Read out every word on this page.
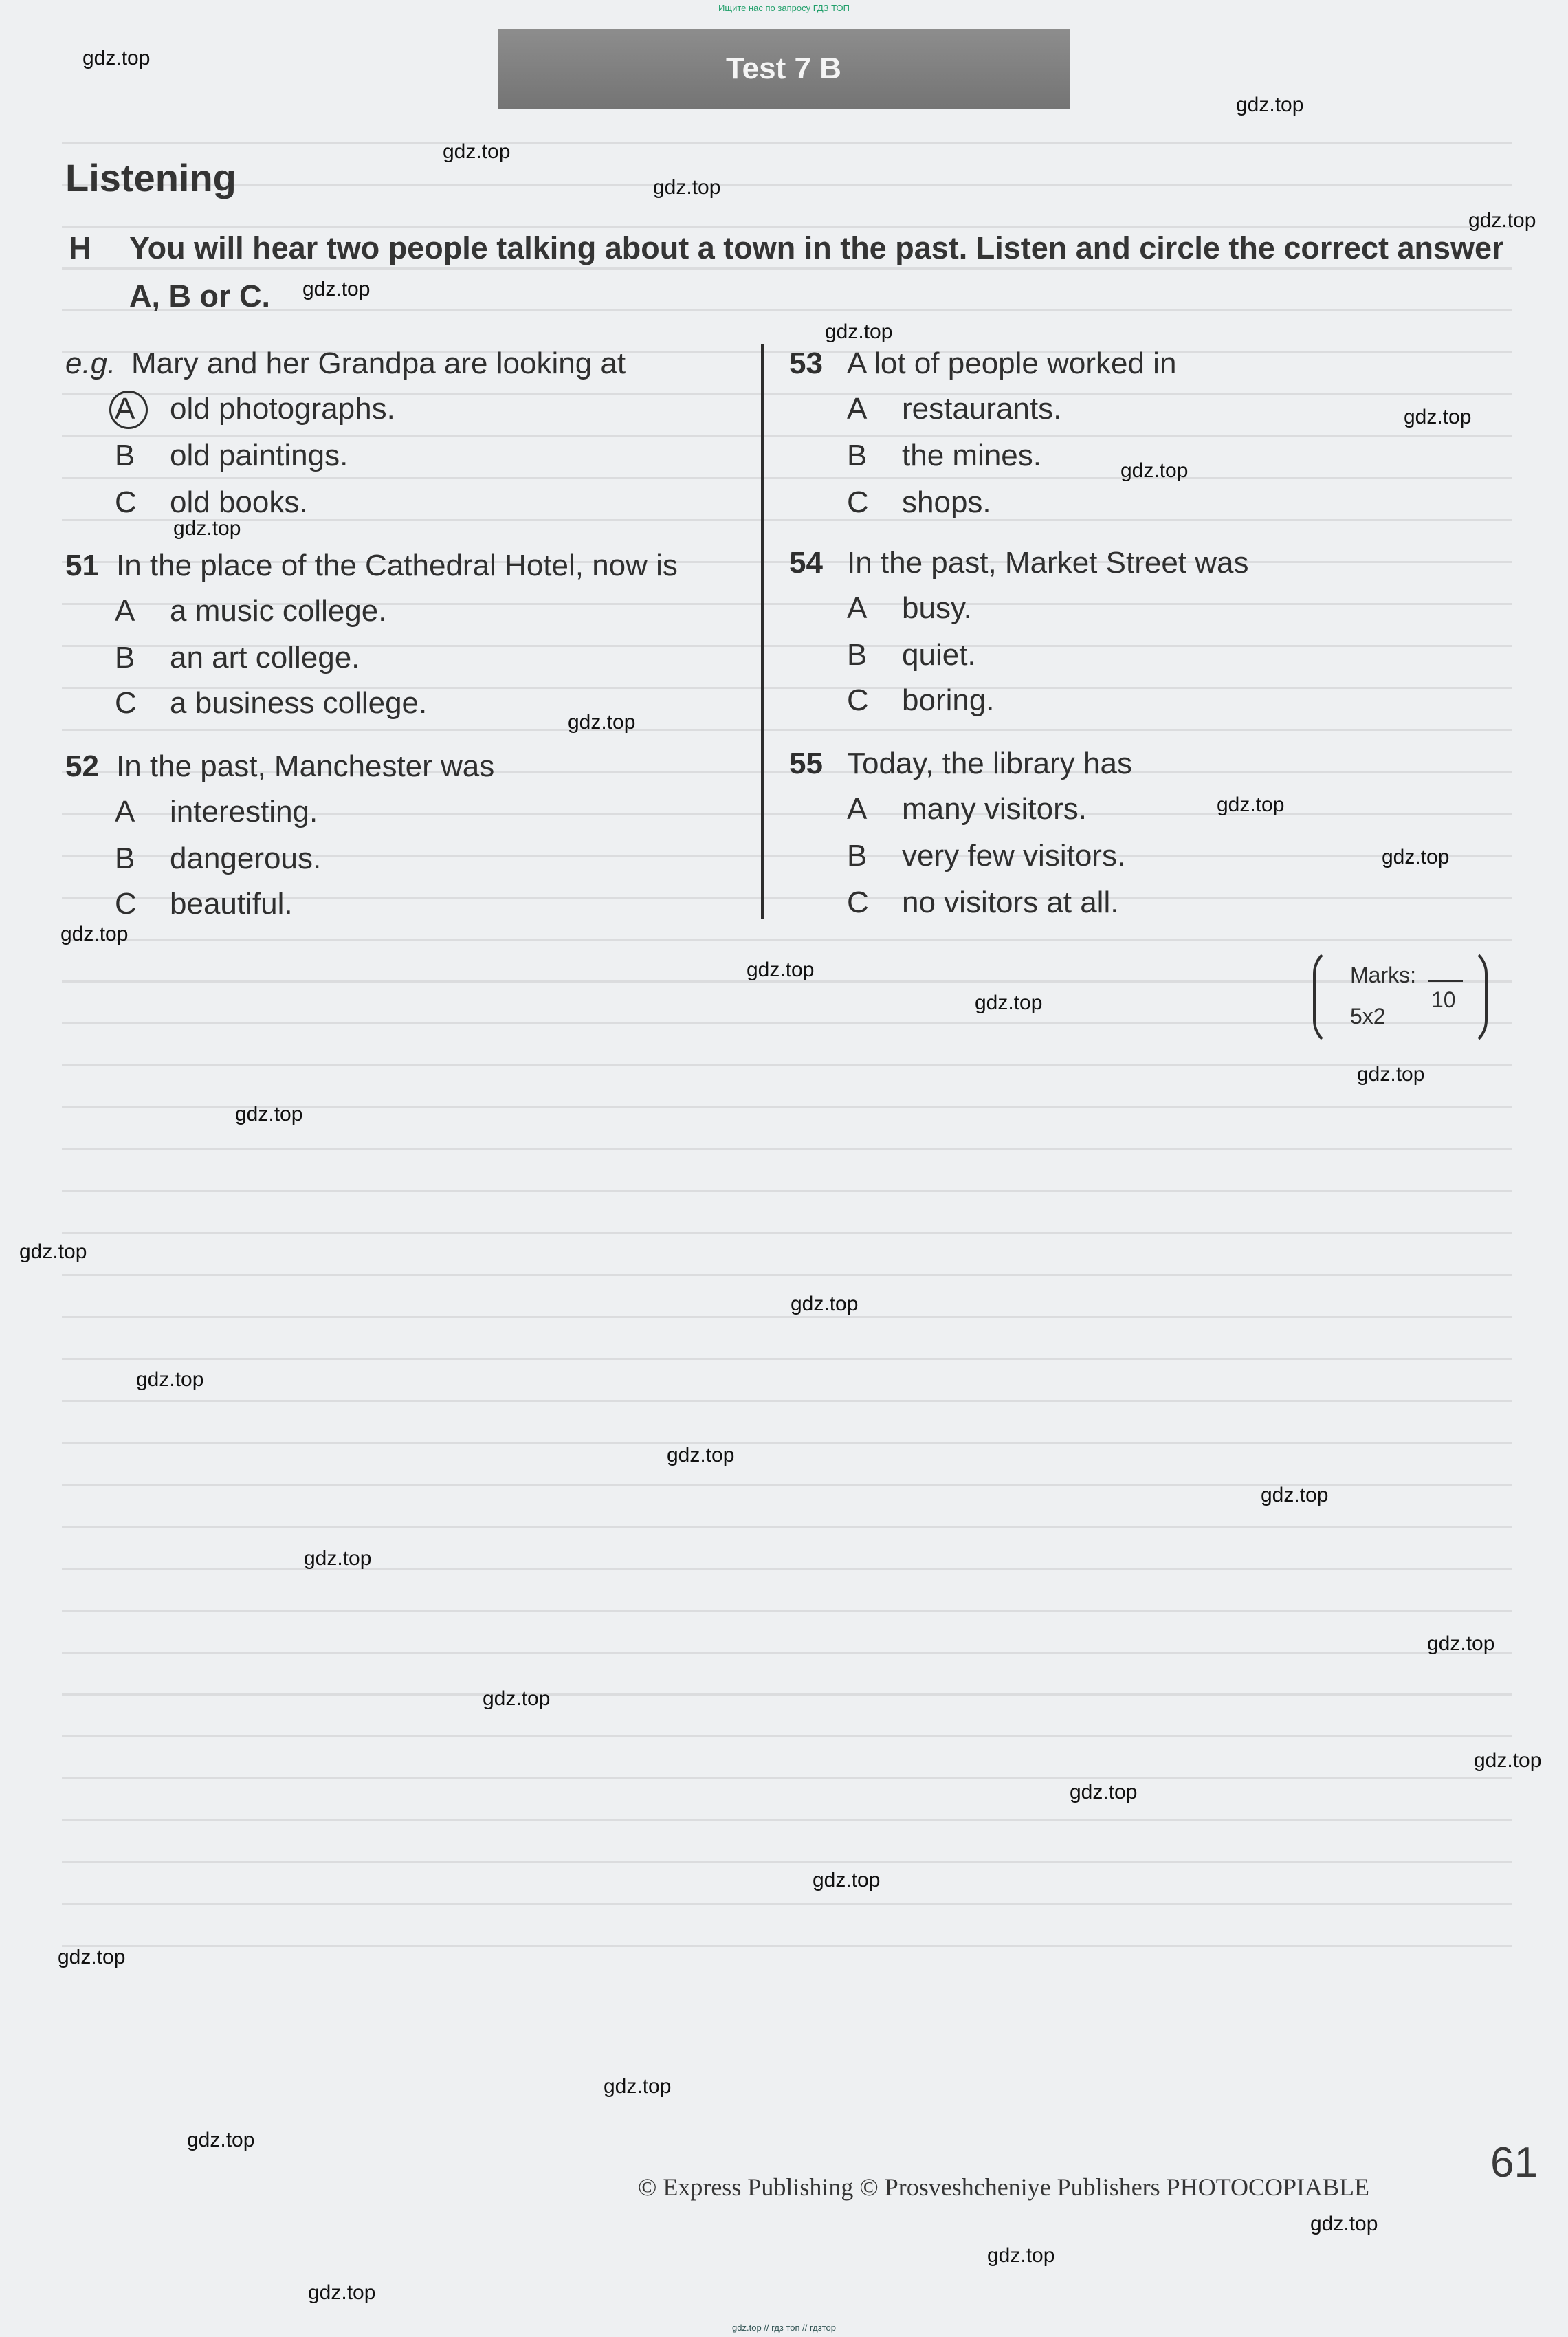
Ищите нас по запросу ГДЗ ТОП
Test 7 B
Listening
H You will hear two people talking about a town in the past. Listen and circle the correct answer A, B or C.
e.g. Mary and her Grandpa are looking at
A old photographs.
B old paintings.
C old books.
51 In the place of the Cathedral Hotel, now is
A a music college.
B an art college.
C a business college.
52 In the past, Manchester was
A interesting.
B dangerous.
C beautiful.
53 A lot of people worked in
A restaurants.
B the mines.
C shops.
54 In the past, Market Street was
A busy.
B quiet.
C boring.
55 Today, the library has
A many visitors.
B very few visitors.
C no visitors at all.
Marks:
10
5x2
© Express Publishing © Prosveshcheniye Publishers PHOTOCOPIABLE
61
gdz.top // гдз топ // гдзтор
gdz.top
gdz.top
gdz.top
gdz.top
gdz.top
gdz.top
gdz.top
gdz.top
gdz.top
gdz.top
gdz.top
gdz.top
gdz.top
gdz.top
gdz.top
gdz.top
gdz.top
gdz.top
gdz.top
gdz.top
gdz.top
gdz.top
gdz.top
gdz.top
gdz.top
gdz.top
gdz.top
gdz.top
gdz.top
gdz.top
gdz.top
gdz.top
gdz.top
gdz.top
gdz.top
